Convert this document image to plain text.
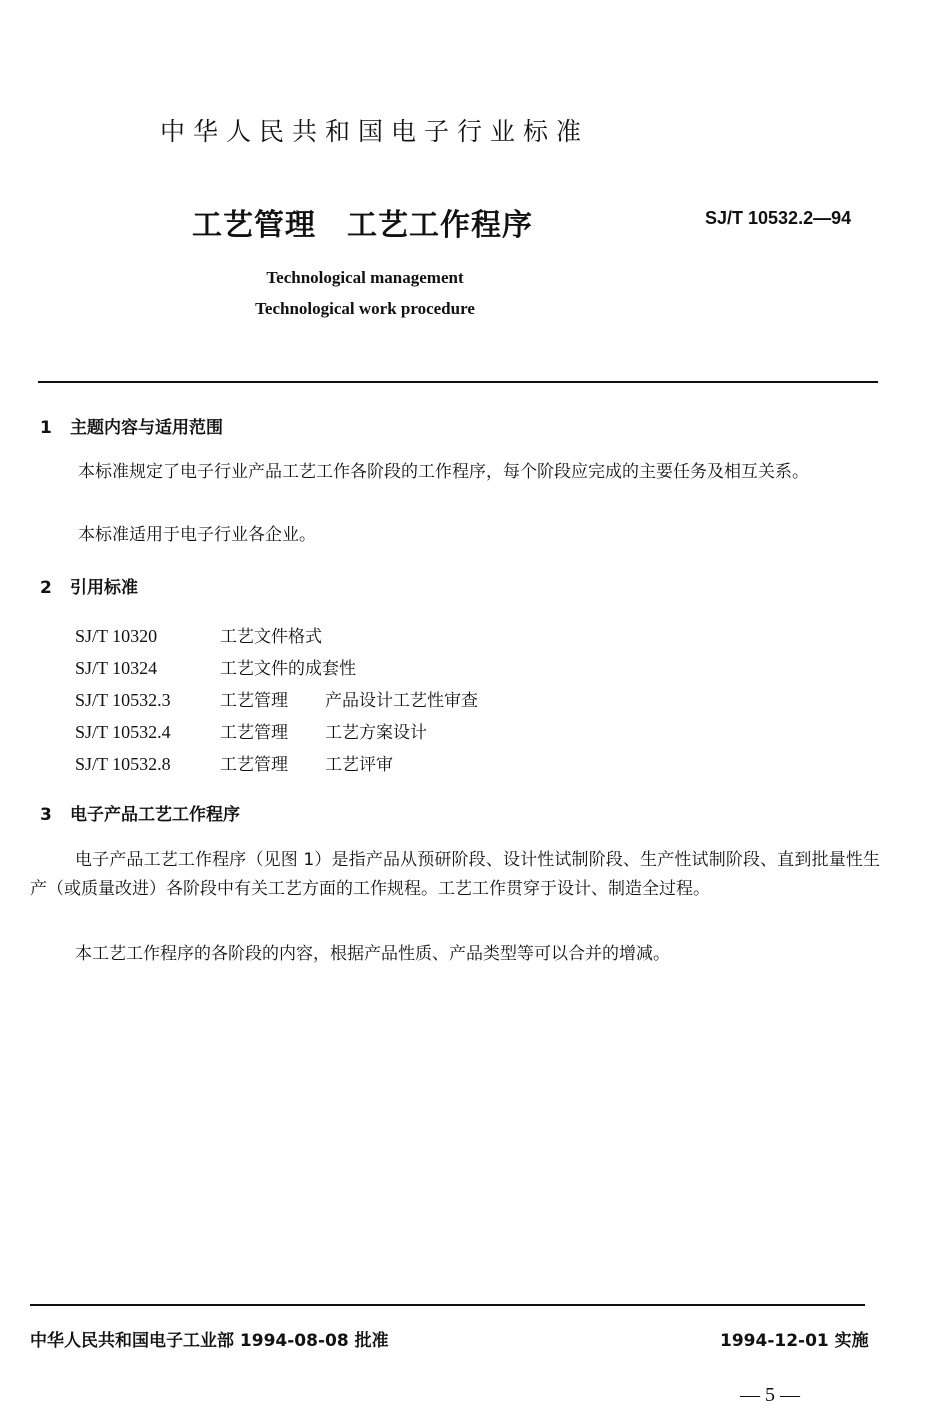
中华人民共和国电子行业标准
工艺管理　工艺工作程序	SJ/T 10532.2—94
Technological management
Technological work procedure
1 主题内容与适用范围
本标准规定了电子行业产品工艺工作各阶段的工作程序，每个阶段应完成的主要任务及相互关系。
本标准适用于电子行业各企业。
2 引用标准
SJ/T 10320	工艺文件格式
SJ/T 10324	工艺文件的成套性
SJ/T 10532.3	工艺管理 产品设计工艺性审查
SJ/T 10532.4	工艺管理 工艺方案设计
SJ/T 10532.8	工艺管理 工艺评审
3 电子产品工艺工作程序
电子产品工艺工作程序（见图 1）是指产品从预研阶段、设计性试制阶段、生产性试制阶段、直到批量性生产（或质量改进）各阶段中有关工艺方面的工作规程。工艺工作贯穿于设计、制造全过程。
本工艺工作程序的各阶段的内容，根据产品性质、产品类型等可以合并的增减。
中华人民共和国电子工业部 1994-08-08 批准	1994-12-01 实施
— 5 —
